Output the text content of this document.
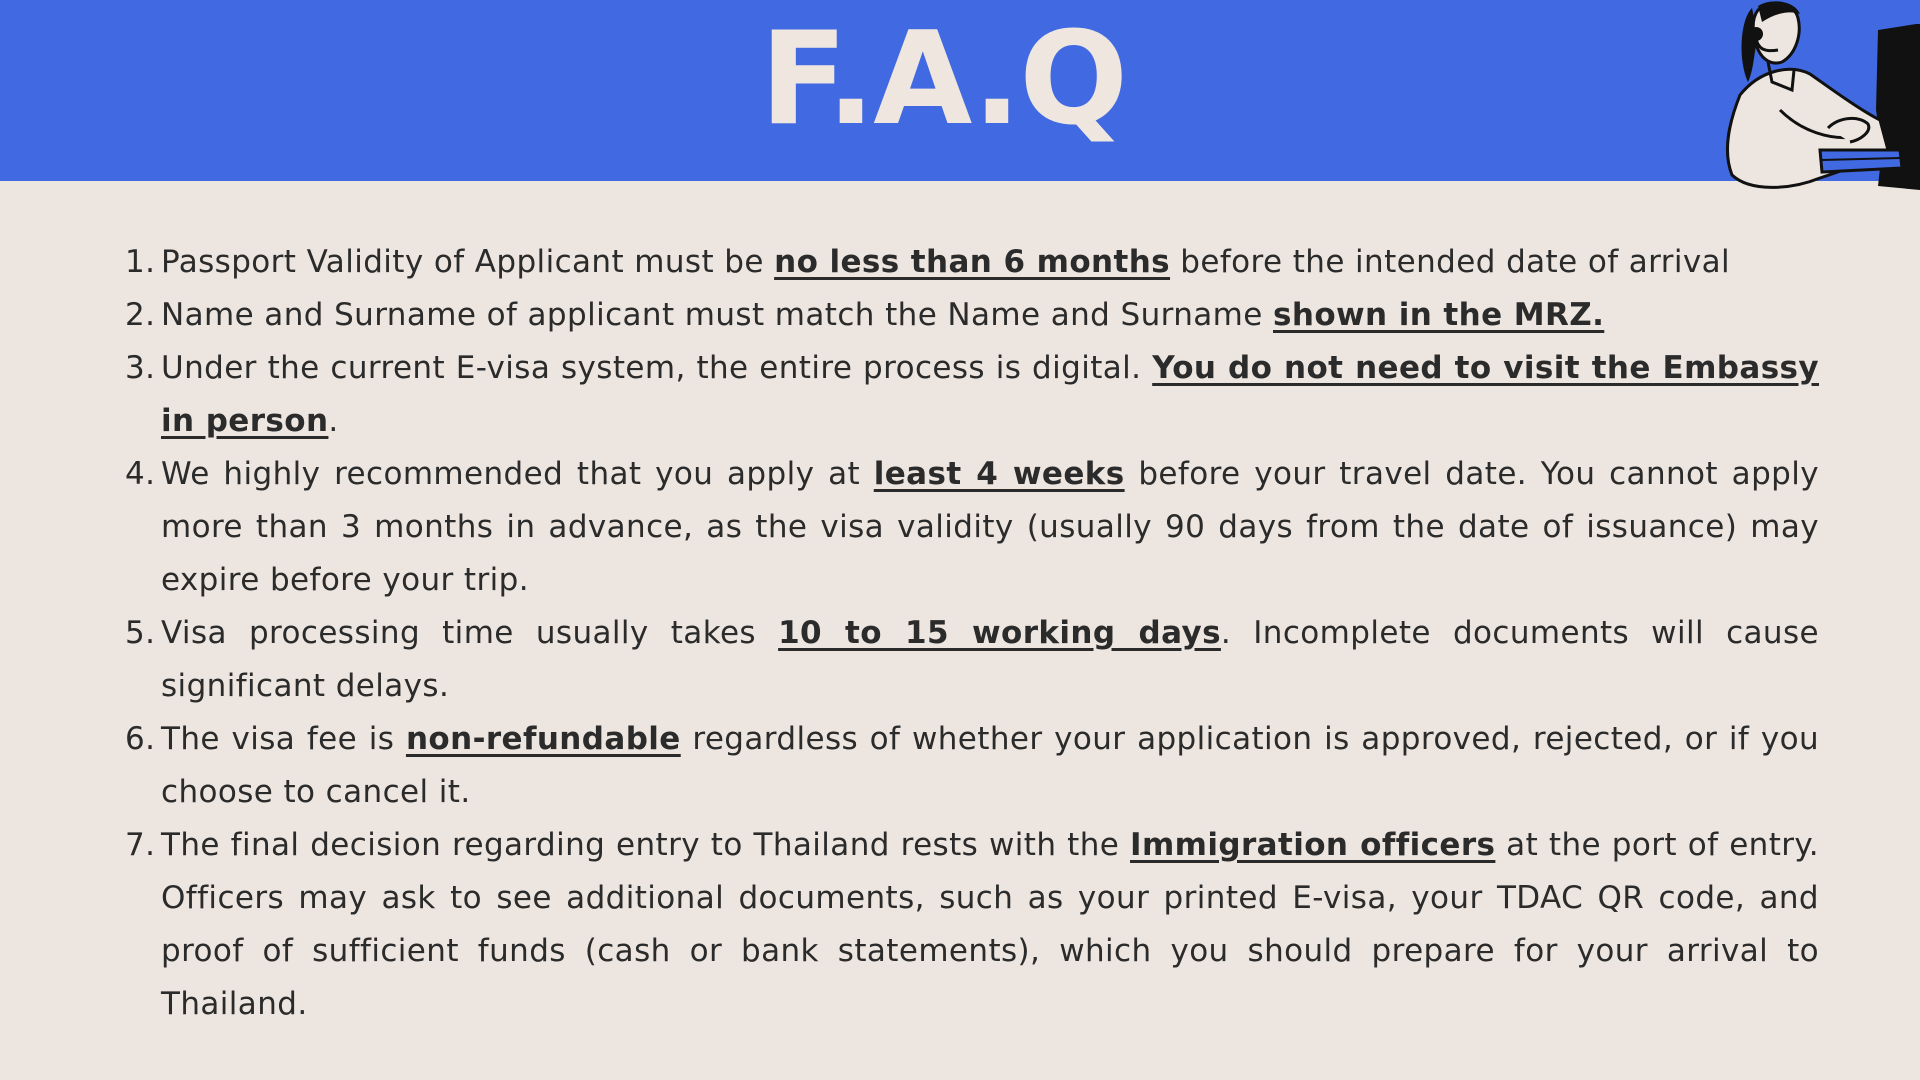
F.A.Q
1. Passport Validity of Applicant must be no less than 6 months before the intended date of arrival
2. Name and Surname of applicant must match the Name and Surname shown in the MRZ.
3. Under the current E-visa system, the entire process is digital. You do not need to visit the Embassy in person.
4. We highly recommended that you apply at least 4 weeks before your travel date. You cannot apply more than 3 months in advance, as the visa validity (usually 90 days from the date of issuance) may expire before your trip.
5. Visa processing time usually takes 10 to 15 working days. Incomplete documents will cause significant delays.
6. The visa fee is non-refundable regardless of whether your application is approved, rejected, or if you choose to cancel it.
7. The final decision regarding entry to Thailand rests with the Immigration officers at the port of entry. Officers may ask to see additional documents, such as your printed E-visa, your TDAC QR code, and proof of sufficient funds (cash or bank statements), which you should prepare for your arrival to Thailand.
